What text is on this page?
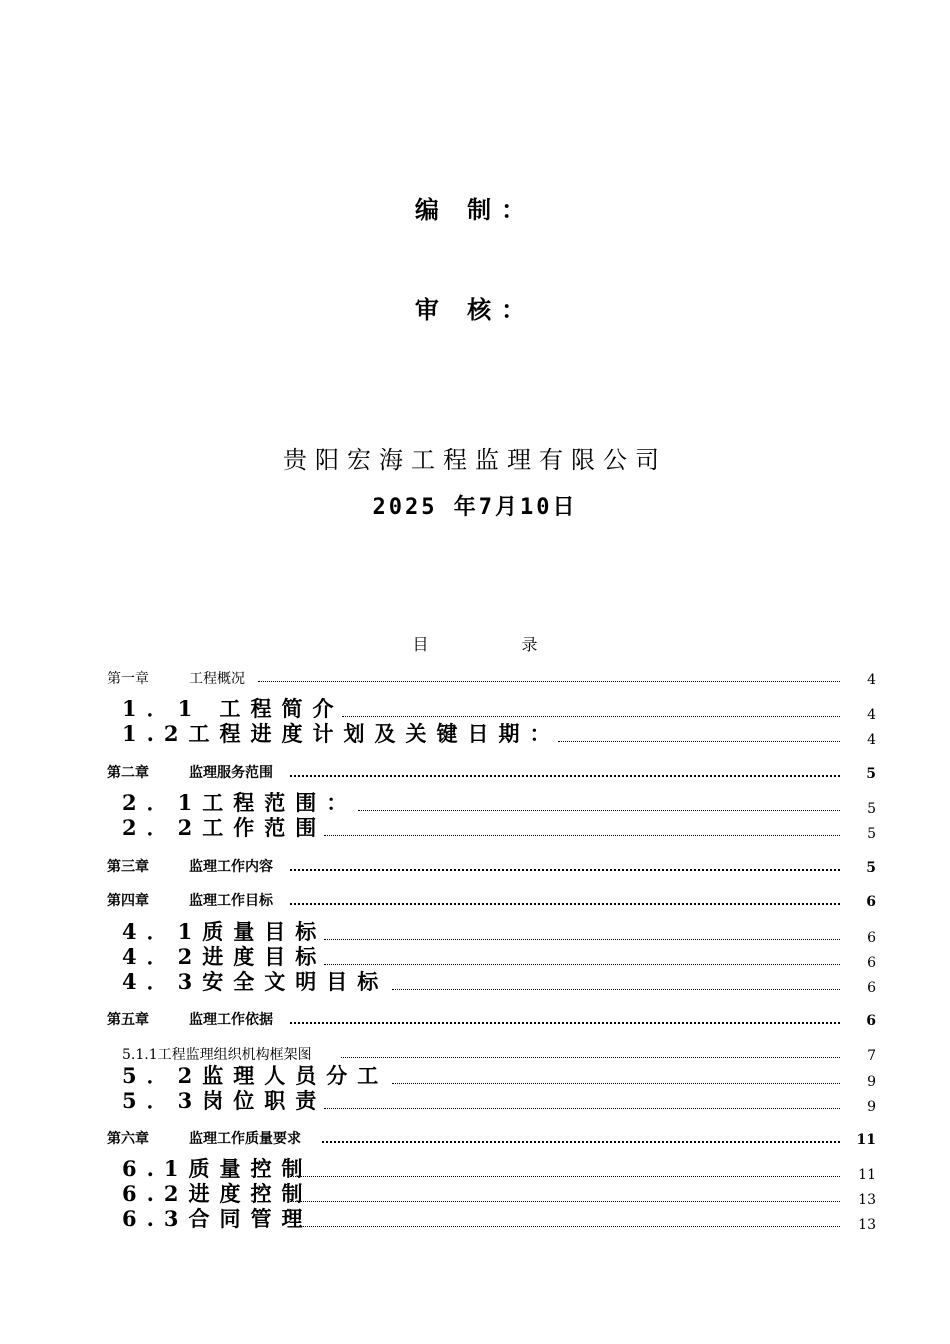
编 制：
审 核：
贵阳宏海工程监理有限公司
2025 年7月10日
目 录
第一章	工程概况	4
1．1 工程简介	4
1.2工程进度计划及关键日期：	4
第二章	监理服务范围	5
2．1工程范围：	5
2．2工作范围	5
第三章	监理工作内容	5
第四章	监理工作目标	6
4．1质量目标	6
4．2进度目标	6
4．3安全文明目标	6
第五章	监理工作依据	6
5.1.1工程监理组织机构框架图	7
5．2监理人员分工	9
5．3岗位职责	9
第六章	监理工作质量要求	11
6.1质量控制	11
6.2进度控制	13
6.3合同管理	13
